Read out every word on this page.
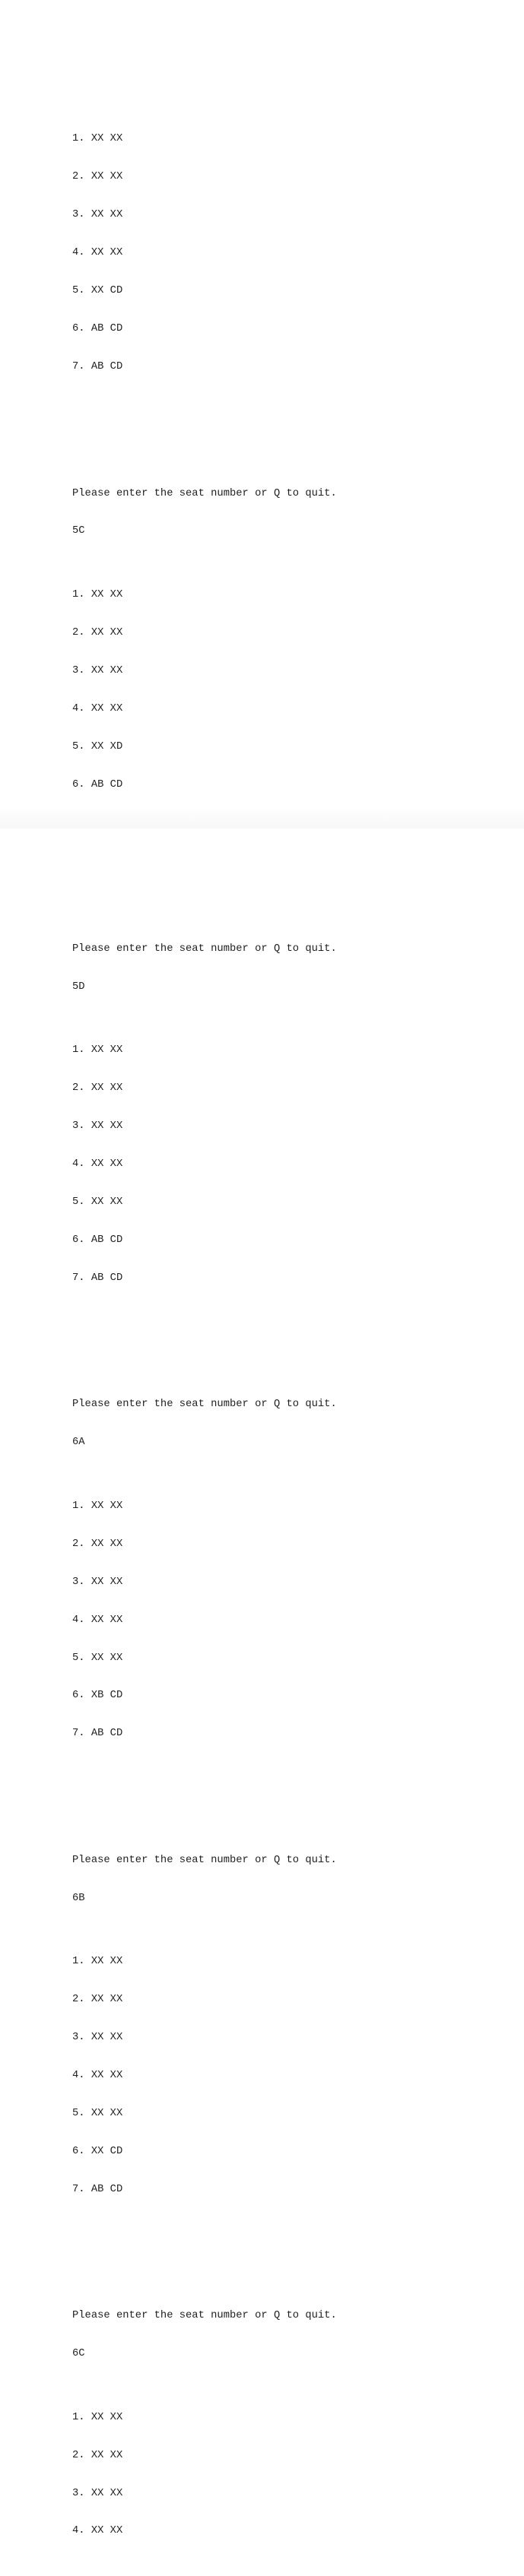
1. XX XX

2. XX XX

3. XX XX

4. XX XX

5. XX CD

6. AB CD

7. AB CD

Please enter the seat number or Q to quit.

5C

1. XX XX

2. XX XX

3. XX XX

4. XX XX

5. XX XD

6. AB CD

Please enter the seat number or Q to quit.

5D

1. XX XX

2. XX XX

3. XX XX

4. XX XX

5. XX XX

6. AB CD

7. AB CD

Please enter the seat number or Q to quit.

6A

1. XX XX

2. XX XX

3. XX XX

4. XX XX

5. XX XX

6. XB CD

7. AB CD

Please enter the seat number or Q to quit.

6B

1. XX XX

2. XX XX

3. XX XX

4. XX XX

5. XX XX

6. XX CD

7. AB CD

Please enter the seat number or Q to quit.

6C

1. XX XX

2. XX XX

3. XX XX

4. XX XX
